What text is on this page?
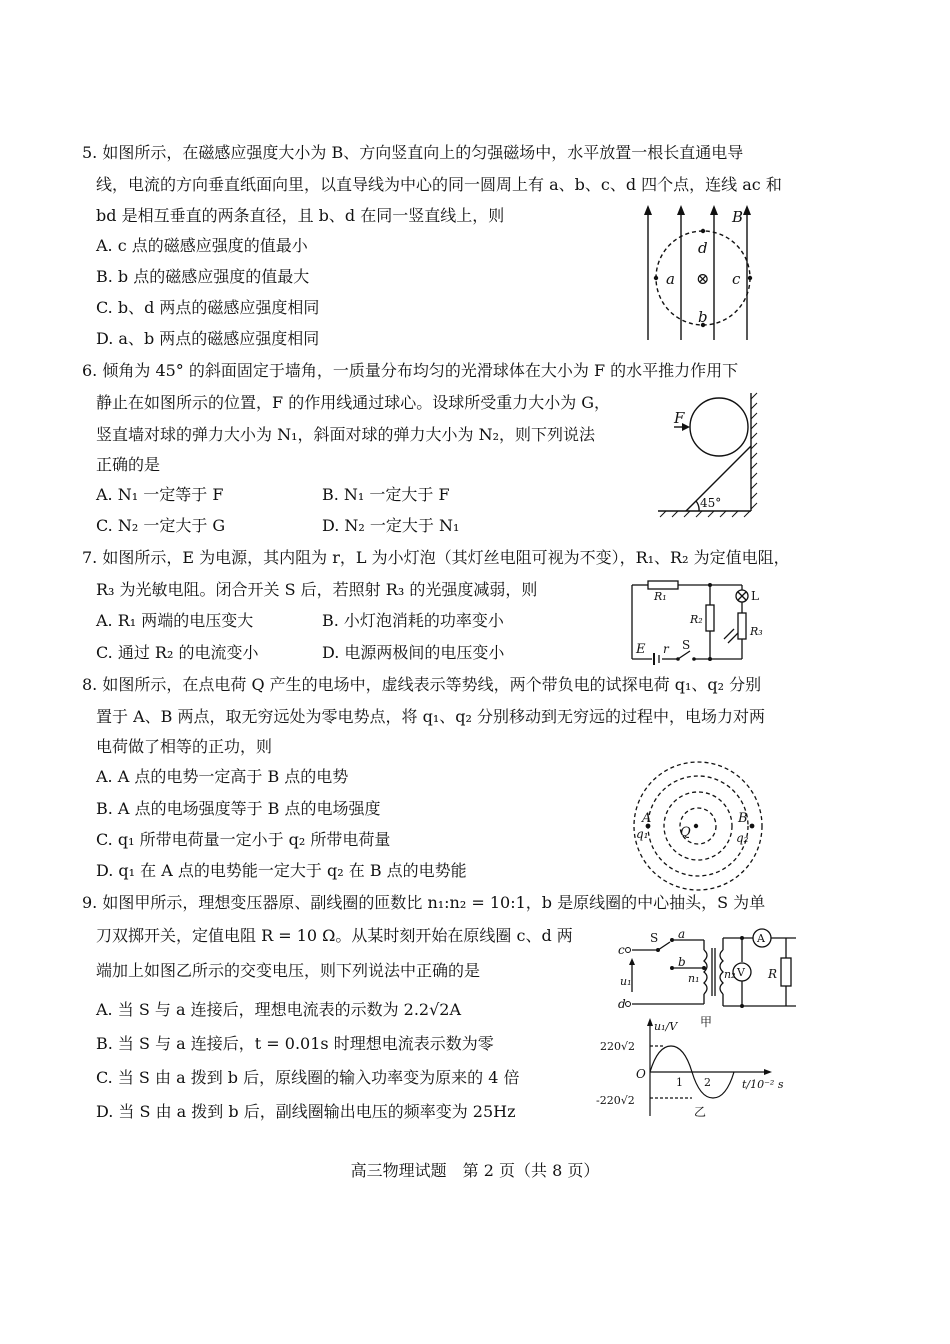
5. 如图所示，在磁感应强度大小为 B、方向竖直向上的匀强磁场中，水平放置一根长直通电导
线，电流的方向垂直纸面向里，以直导线为中心的同一圆周上有 a、b、c、d 四个点，连线 ac 和
bd 是相互垂直的两条直径，且 b、d 在同一竖直线上，则
A. c 点的磁感应强度的值最小
B. b 点的磁感应强度的值最大
C. b、d 两点的磁感应强度相同
D. a、b 两点的磁感应强度相同
B
d
b
a	c
⊗
6. 倾角为 45° 的斜面固定于墙角，一质量分布均匀的光滑球体在大小为 F 的水平推力作用下
静止在如图所示的位置，F 的作用线通过球心。设球所受重力大小为 G，
竖直墙对球的弹力大小为 N₁，斜面对球的弹力大小为 N₂，则下列说法
正确的是
A. N₁ 一定等于 F	B. N₁ 一定大于 F
C. N₂ 一定大于 G	D. N₂ 一定大于 N₁
F
45°
7. 如图所示，E 为电源，其内阻为 r，L 为小灯泡（其灯丝电阻可视为不变），R₁、R₂ 为定值电阻，
R₃ 为光敏电阻。闭合开关 S 后，若照射 R₃ 的光强度减弱，则
A. R₁ 两端的电压变大	B. 小灯泡消耗的功率变小
C. 通过 R₂ 的电流变小	D. 电源两极间的电压变小
R₁
R₂
L
R₃
E r S
8. 如图所示，在点电荷 Q 产生的电场中，虚线表示等势线，两个带负电的试探电荷 q₁、q₂ 分别
置于 A、B 两点，取无穷远处为零电势点，将 q₁、q₂ 分别移动到无穷远的过程中，电场力对两
电荷做了相等的正功，则
A. A 点的电势一定高于 B 点的电势
B. A 点的电场强度等于 B 点的电场强度
C. q₁ 所带电荷量一定小于 q₂ 所带电荷量
D. q₁ 在 A 点的电势能一定大于 q₂ 在 B 点的电势能
A
q₁ Q
B
q₂
9. 如图甲所示，理想变压器原、副线圈的匝数比 n₁:n₂ = 10:1，b 是原线圈的中心抽头，S 为单
刀双掷开关，定值电阻 R = 10 Ω。从某时刻开始在原线圈 c、d 两
端加上如图乙所示的交变电压，则下列说法中正确的是
A. 当 S 与 a 连接后，理想电流表的示数为 2.2√2A
B. 当 S 与 a 连接后，t = 0.01s 时理想电流表示数为零
C. 当 S 由 a 拨到 b 后，原线圈的输入功率变为原来的 4 倍
D. 当 S 由 a 拨到 b 后，副线圈输出电压的频率变为 25Hz
c
d
S a
b
u₁	n₁ n₂
A
V R
甲
u₁/V
220√2
-220√2
O
1 2	t/10⁻² s
乙
高三物理试题　第 2 页（共 8 页）
